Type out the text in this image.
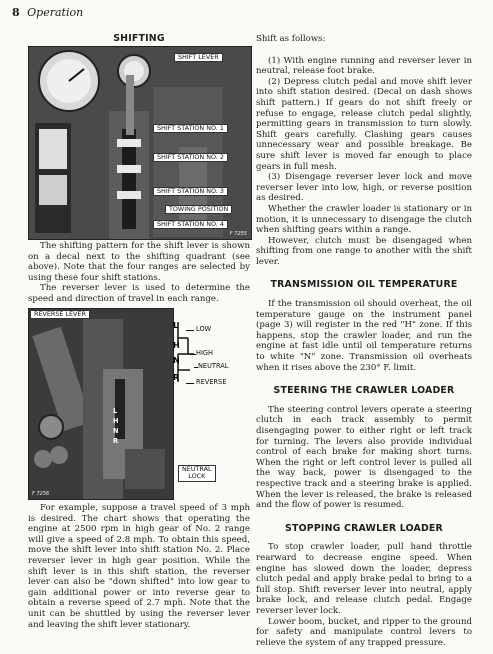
8 Operation
SHIFTING
SHIFT LEVER
SHIFT STATION NO. 1
SHIFT STATION NO. 2
SHIFT STATION NO. 3
TOWING POSITION
SHIFT STATION NO. 4
F 7255

The shifting pattern for the shift lever is shown on a decal next to the shifting quadrant (see above). Note that the four ranges are selected by using these four shift stations.

The reverser lever is used to determine the speed and direction of travel in each range.

REVERSE LEVER
L
H
N
R
F 7256
L
H
N
R
LOW
HIGH
NEUTRAL
REVERSE
NEUTRAL
LOCK

For example, suppose a travel speed of 3 mph is desired. The chart shows that operating the engine at 2500 rpm in high gear of No. 2 range will give a speed of 2.8 mph. To obtain this speed, move the shift lever into shift station No. 2. Place reverser lever in high gear position. While the shift lever is in this shift station, the reverser lever can also be "down shifted" into low gear to gain additional power or into reverse gear to obtain a reverse speed of 2.7 mph. Note that the unit can be shuttled by using the reverser lever and leaving the shift lever stationary.

Shift as follows:

(1) With engine running and reverser lever in neutral, release foot brake.

(2) Depress clutch pedal and move shift lever into shift station desired. (Decal on dash shows shift pattern.) If gears do not shift freely or refuse to engage, release clutch pedal slightly, permitting gears in transmission to turn slowly. Shift gears carefully. Clashing gears causes unnecessary wear and possible breakage. Be sure shift lever is moved far enough to place gears in full mesh.

(3) Disengage reverser lever lock and move reverser lever into low, high, or reverse position as desired.

Whether the crawler loader is stationary or in motion, it is unnecessary to disengage the clutch when shifting gears within a range.

However, clutch must be disengaged when shifting from one range to another with the shift lever.

TRANSMISSION OIL TEMPERATURE

If the transmission oil should overheat, the oil temperature gauge on the instrument panel (page 3) will register in the red "H" zone. If this happens, stop the crawler loader, and run the engine at fast idle until oil temperature returns to white "N" zone. Transmission oil overheats when it rises above the 230° F. limit.

STEERING THE CRAWLER LOADER

The steering control levers operate a steering clutch in each track assembly to permit disengaging power to either right or left track for turning. The levers also provide individual control of each brake for making short turns. When the right or left control lever is pulled all the way back, power is disengaged to the respective track and a steering brake is applied. When the lever is released, the brake is released and the flow of power is resumed.

STOPPING CRAWLER LOADER

To stop crawler loader, pull hand throttle rearward to decrease engine speed. When engine has slowed down the loader, depress clutch pedal and apply brake pedal to bring to a full stop. Shift reverser lever into neutral, apply brake lock, and release clutch pedal. Engage reverser lever lock.

Lower boom, bucket, and ripper to the ground for safety and manipulate control levers to relieve the system of any trapped pressure.
